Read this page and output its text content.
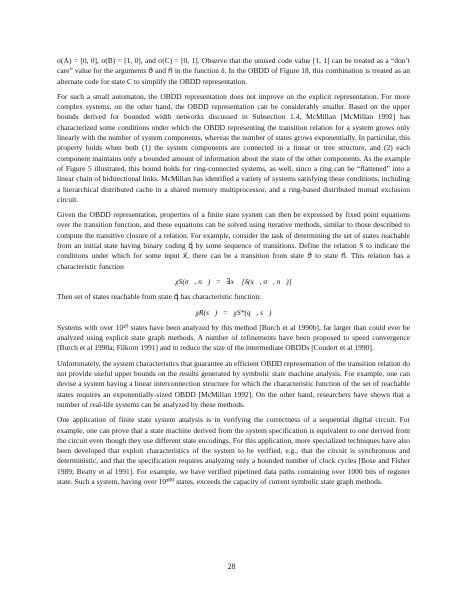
σ(A) = [0, 0], σ(B) = [1, 0], and σ(C) = [0, 1]. Observe that the unused code value [1, 1] can be treated as a “don’t care” value for the arguments σ⃗ and n⃗ in the function δ. In the OBDD of Figure 18, this combination is treated as an alternate code for state C to simplify the OBDD representation.

For such a small automaton, the OBDD representation does not improve on the explicit representation. For more complex systems, on the other hand, the OBDD representation can be considerably smaller. Based on the upper bounds derived for bounded width networks discussed in Subsection 1.4, McMillan [McMillan 1992] has characterized some conditions under which the OBDD representing the transition relation for a system grows only linearly with the number of system components, whereas the number of states grows exponentially. In particular, this property holds when both (1) the system components are connected in a linear or tree structure, and (2) each component maintains only a bounded amount of information about the state of the other components. As the example of Figure 5 illustrated, this bound holds for ring-connected systems, as well, since a ring can be “flattened” into a linear chain of bidirectional links. McMillan has identified a variety of systems satisfying these conditions, including a hierarchical distributed cache in a shared memory multiprocessor, and a ring-based distributed mutual exclusion circuit.

Given the OBDD representation, properties of a finite state system can then be expressed by fixed point equations over the transition function, and these equations can be solved using iterative methods, similar to those described to compute the transitive closure of a relation. For example, consider the task of determining the set of states reachable from an initial state having binary coding q⃗ by some sequence of transitions. Define the relation S to indicate the conditions under which for some input x⃗, there can be a transition from state σ⃗ to state n⃗. This relation has a characteristic function

χS(σ⃗, n⃗)   =   ∃x⃗ [δ(x⃗, σ⃗, n⃗)]

Then set of states reachable from state q⃗ has characteristic function:

χR(s⃗)   =   χS*(q⃗, s⃗)

Systems with over 10²⁰ states have been analyzed by this method [Burch et al 1990b], far larger than could ever be analyzed using explicit state graph methods. A number of refinements have been proposed to speed convergence [Burch et al 1990a; Filkorn 1991] and to reduce the size of the intermediate OBDDs [Coudert et al 1990].

Unfortunately, the system characteristics that guarantee an efficient OBDD representation of the transition relation do not provide useful upper bounds on the results generated by symbolic state machine analysis. For example, one can devise a system having a linear interconnection structure for which the characteristic function of the set of reachable states requires an exponentially-sized OBDD [McMillan 1992]. On the other hand, researchers have shown that a number of real-life systems can be analyzed by these methods.

One application of finite state system analysis is in verifying the correctness of a sequential digital circuit. For example, one can prove that a state machine derived from the system specification is equivalent to one derived from the circuit even though they use different state encodings. For this application, more specialized techniques have also been developed that exploit characteristics of the system to be verified, e.g., that the circuit is synchronous and deterministic, and that the specification requires analyzing only a bounded number of clock cycles [Bose and Fisher 1989; Beatty et al 1991]. For example, we have verified pipelined data paths containing over 1000 bits of register state. Such a system, having over 10³⁰⁰ states, exceeds the capacity of current symbolic state graph methods.

28
